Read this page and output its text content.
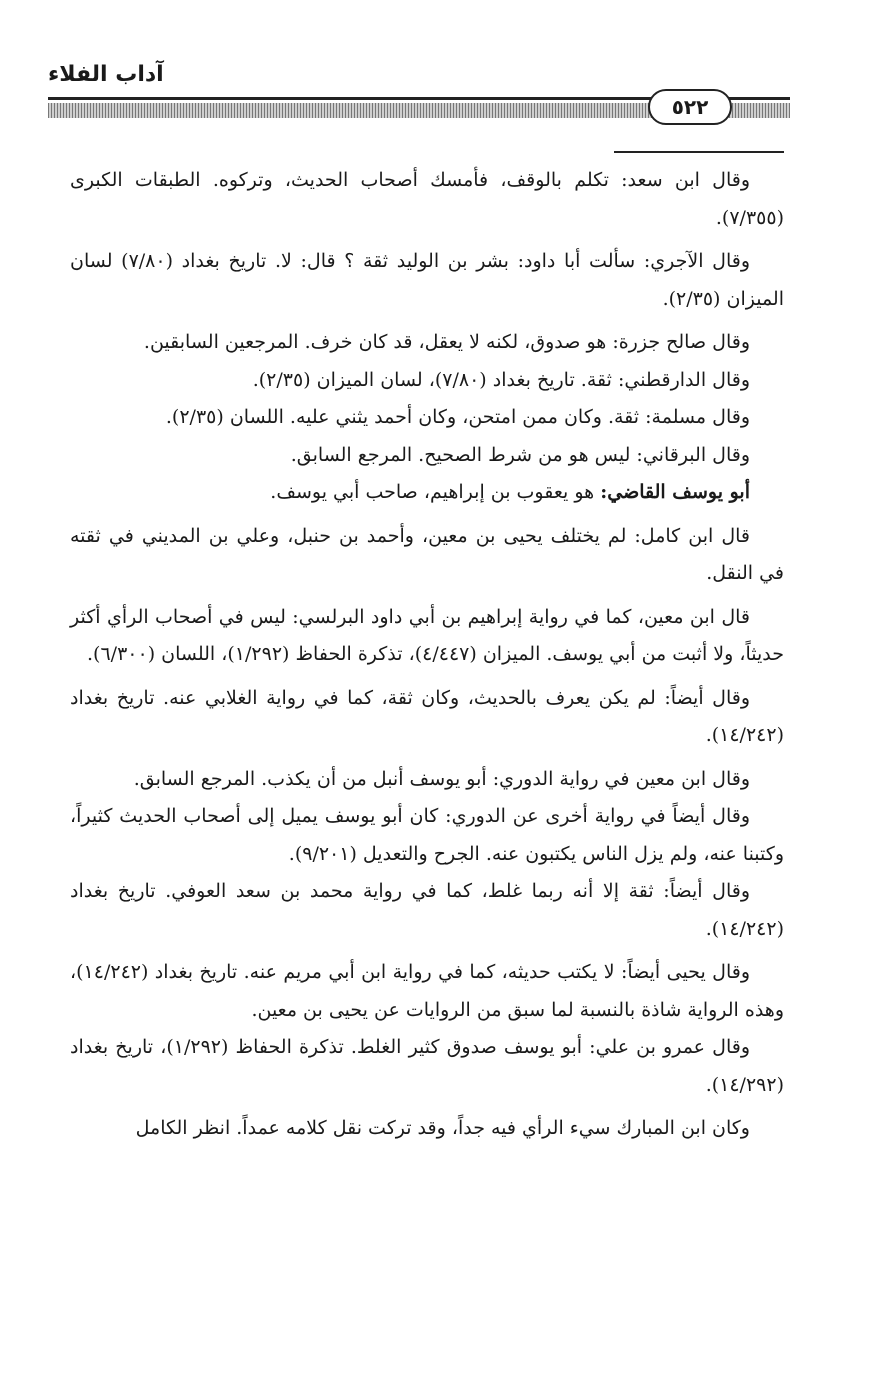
آداب الفلاء
٥٢٢

وقال ابن سعد: تكلم بالوقف، فأمسك أصحاب الحديث، وتركوه. الطبقات الكبرى (٧/٣٥٥).

وقال الآجري: سألت أبا داود: بشر بن الوليد ثقة ؟ قال: لا. تاريخ بغداد (٧/٨٠) لسان الميزان (٢/٣٥).

وقال صالح جزرة: هو صدوق، لكنه لا يعقل، قد كان خرف. المرجعين السابقين.

وقال الدارقطني: ثقة. تاريخ بغداد (٧/٨٠)، لسان الميزان (٢/٣٥).

وقال مسلمة: ثقة. وكان ممن امتحن، وكان أحمد يثني عليه. اللسان (٢/٣٥).

وقال البرقاني: ليس هو من شرط الصحيح. المرجع السابق.

أبو يوسف القاضي: هو يعقوب بن إبراهيم، صاحب أبي يوسف.

قال ابن كامل: لم يختلف يحيى بن معين، وأحمد بن حنبل، وعلي بن المديني في ثقته في النقل.

قال ابن معين، كما في رواية إبراهيم بن أبي داود البرلسي: ليس في أصحاب الرأي أكثر حديثاً، ولا أثبت من أبي يوسف. الميزان (٤/٤٤٧)، تذكرة الحفاظ (١/٢٩٢)، اللسان (٦/٣٠٠).

وقال أيضاً: لم يكن يعرف بالحديث، وكان ثقة، كما في رواية الغلابي عنه. تاريخ بغداد (١٤/٢٤٢).

وقال ابن معين في رواية الدوري: أبو يوسف أنبل من أن يكذب. المرجع السابق.

وقال أيضاً في رواية أخرى عن الدوري: كان أبو يوسف يميل إلى أصحاب الحديث كثيراً، وكتبنا عنه، ولم يزل الناس يكتبون عنه. الجرح والتعديل (٩/٢٠١).

وقال أيضاً: ثقة إلا أنه ربما غلط، كما في رواية محمد بن سعد العوفي. تاريخ بغداد (١٤/٢٤٢).

وقال يحيى أيضاً: لا يكتب حديثه، كما في رواية ابن أبي مريم عنه. تاريخ بغداد (١٤/٢٤٢)، وهذه الرواية شاذة بالنسبة لما سبق من الروايات عن يحيى بن معين.

وقال عمرو بن علي: أبو يوسف صدوق كثير الغلط. تذكرة الحفاظ (١/٢٩٢)، تاريخ بغداد (١٤/٢٩٢).

وكان ابن المبارك سيء الرأي فيه جداً، وقد تركت نقل كلامه عمداً. انظر الكامل
